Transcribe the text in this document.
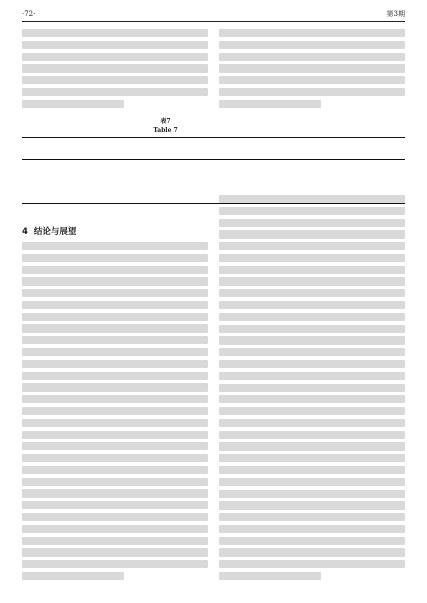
·72·	第3期
表7
Table 7

4 结论与展望
